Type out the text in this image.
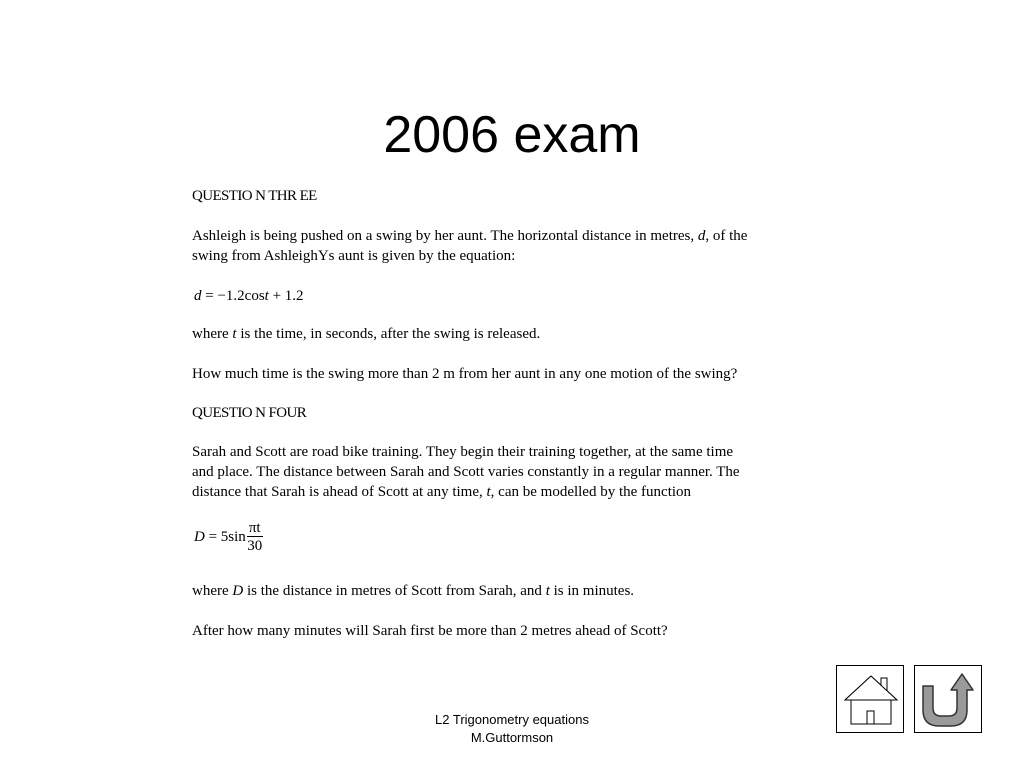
2006 exam
QUESTIO N THR EE
Ashleigh is being pushed on a swing by her aunt. The horizontal distance in metres, d, of the
swing from AshleighYs aunt is given by the equation:
d = −1.2cost + 1.2
where t is the time, in seconds, after the swing is released.
How much time is the swing more than 2 m from her aunt in any one motion of the swing?
QUESTIO N FOUR
Sarah and Scott are road bike training. They begin their training together, at the same time
and place. The distance between Sarah and Scott varies constantly in a regular manner. The
distance that Sarah is ahead of Scott at any time, t, can be modelled by the function
$D = 5\sin \frac{\pi t}{30}$
where D is the distance in metres of Scott from Sarah, and t is in minutes.
After how many minutes will Sarah first be more than 2 metres ahead of Scott?
L2 Trigonometry equations
M.Guttormson
